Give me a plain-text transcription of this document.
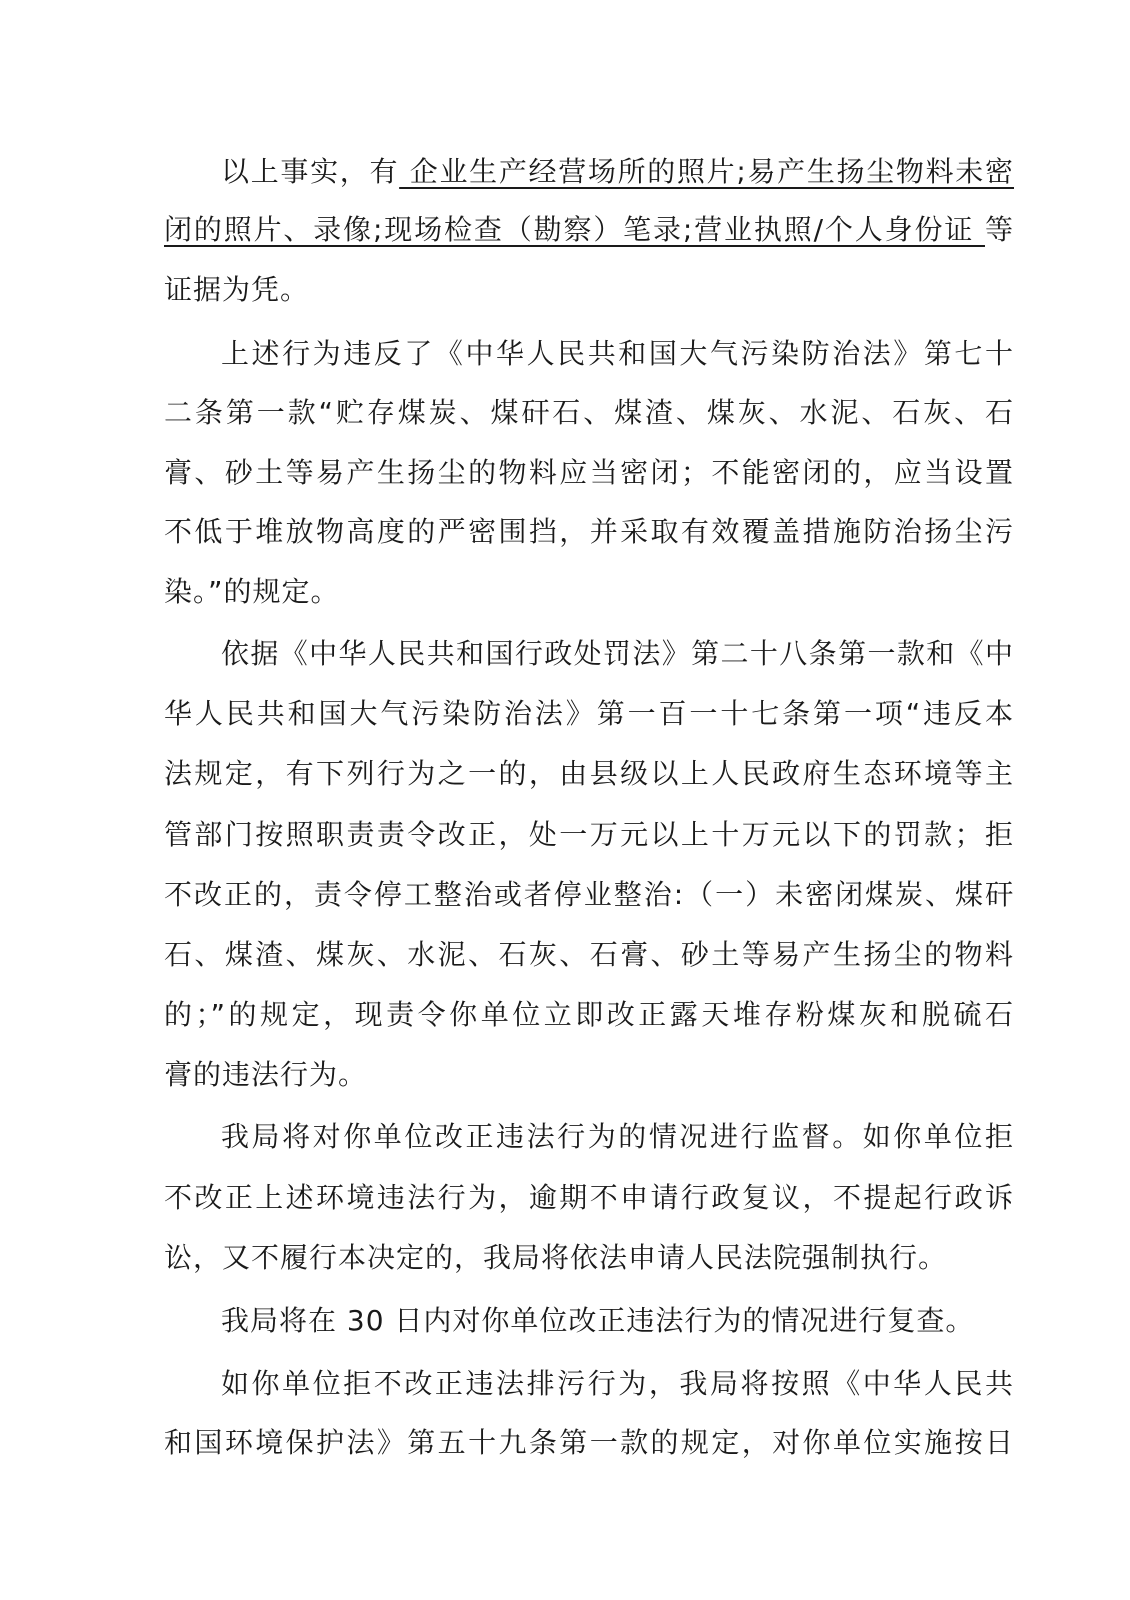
以上事实，有 企业生产经营场所的照片;易产生扬尘物料未密
闭的照片、录像;现场检查（勘察）笔录;营业执照/个人身份证 等
证据为凭。
上述行为违反了《中华人民共和国大气污染防治法》第七十
二条第一款“贮存煤炭、煤矸石、煤渣、煤灰、水泥、石灰、石
膏、砂土等易产生扬尘的物料应当密闭；不能密闭的，应当设置
不低于堆放物高度的严密围挡，并采取有效覆盖措施防治扬尘污
染。”的规定。
依据《中华人民共和国行政处罚法》第二十八条第一款和《中
华人民共和国大气污染防治法》第一百一十七条第一项“违反本
法规定，有下列行为之一的，由县级以上人民政府生态环境等主
管部门按照职责责令改正，处一万元以上十万元以下的罚款；拒
不改正的，责令停工整治或者停业整治:（一）未密闭煤炭、煤矸
石、煤渣、煤灰、水泥、石灰、石膏、砂土等易产生扬尘的物料
的；”的规定，现责令你单位立即改正露天堆存粉煤灰和脱硫石
膏的违法行为。
我局将对你单位改正违法行为的情况进行监督。如你单位拒
不改正上述环境违法行为，逾期不申请行政复议，不提起行政诉
讼，又不履行本决定的，我局将依法申请人民法院强制执行。
我局将在 30 日内对你单位改正违法行为的情况进行复查。
如你单位拒不改正违法排污行为，我局将按照《中华人民共
和国环境保护法》第五十九条第一款的规定，对你单位实施按日
